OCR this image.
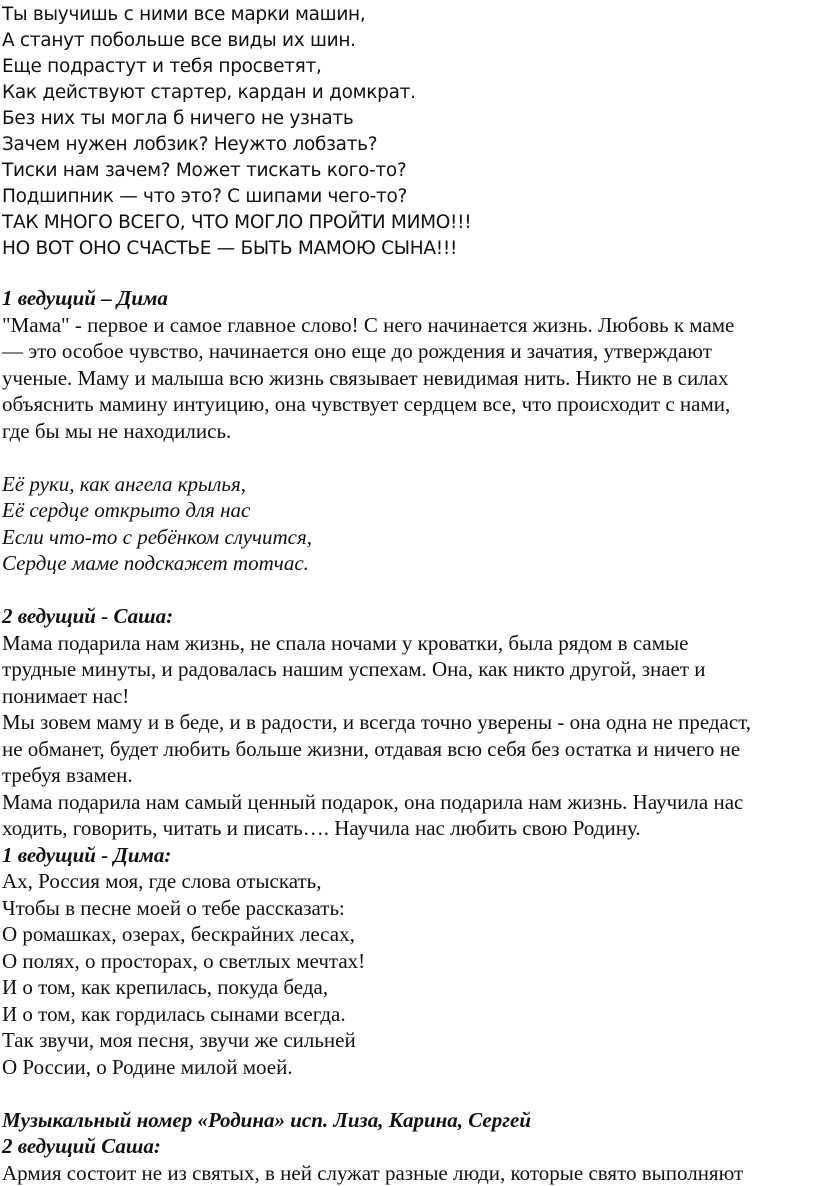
Ты выучишь с ними все марки машин,
А станут побольше все виды их шин.
Еще подрастут и тебя просветят,
Как действуют стартер, кардан и домкрат.
Без них ты могла б ничего не узнать
Зачем нужен лобзик? Неужто лобзать?
Тиски нам зачем? Может тискать кого-то?
Подшипник — что это? С шипами чего-то?
ТАК МНОГО ВСЕГО, ЧТО МОГЛО ПРОЙТИ МИМО!!!
НО ВОТ ОНО СЧАСТЬЕ — БЫТЬ МАМОЮ СЫНА!!!
1 ведущий – Дима
"Мама" - первое и самое главное слово! С него начинается жизнь. Любовь к маме
— это особое чувство, начинается оно еще до рождения и зачатия, утверждают
ученые. Маму и малыша всю жизнь связывает невидимая нить. Никто не в силах
объяснить мамину интуицию, она чувствует сердцем все, что происходит с нами,
где бы мы не находились.
Её руки, как ангела крылья,
Её сердце открыто для нас
Если что-то с ребёнком случится,
Сердце маме подскажет тотчас.
2 ведущий - Саша:
Мама подарила нам жизнь, не спала ночами у кроватки, была рядом в самые
трудные минуты, и радовалась нашим успехам. Она, как никто другой, знает и
понимает нас!
Мы зовем маму и в беде, и в радости, и всегда точно уверены - она одна не предаст,
не обманет, будет любить больше жизни, отдавая всю себя без остатка и ничего не
требуя взамен.
Мама подарила нам самый ценный подарок, она подарила нам жизнь. Научила нас
ходить, говорить, читать и писать…. Научила нас любить свою Родину.
1 ведущий - Дима:
Ах, Россия моя, где слова отыскать,
Чтобы в песне моей о тебе рассказать:
О ромашках, озерах, бескрайних лесах,
О полях, о просторах, о светлых мечтах!
И о том, как крепилась, покуда беда,
И о том, как гордилась сынами всегда.
Так звучи, моя песня, звучи же сильней
О России, о Родине милой моей.
Музыкальный номер «Родина» исп. Лиза, Карина, Сергей
2 ведущий Саша:
Армия состоит не из святых, в ней служат разные люди, которые свято выполняют
